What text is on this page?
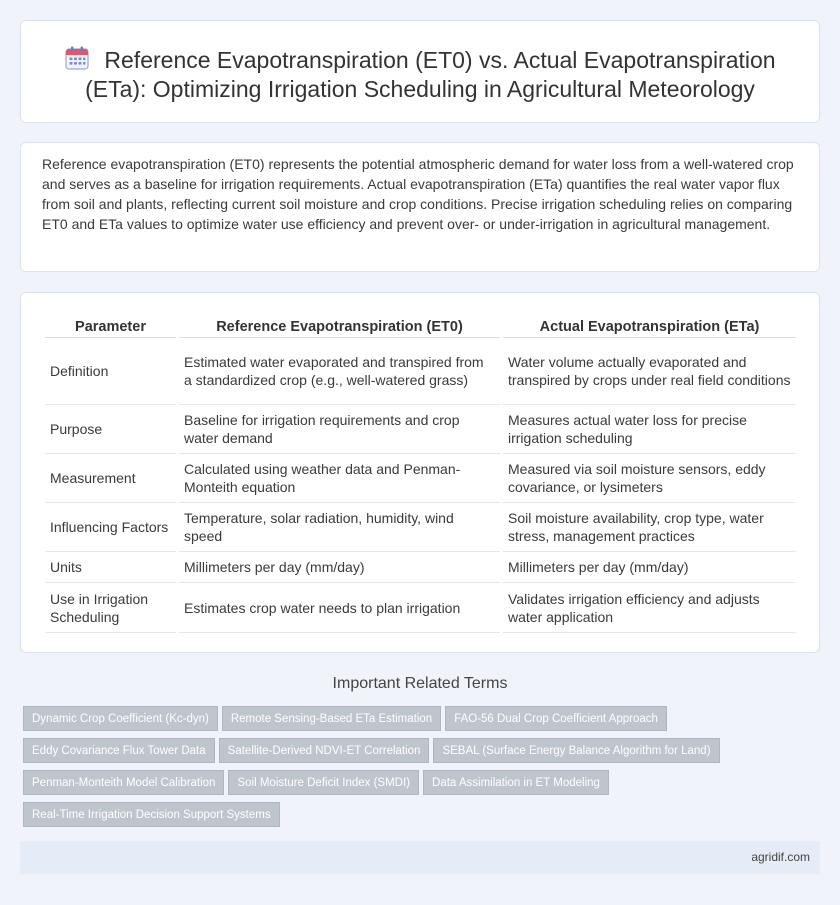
Reference Evapotranspiration (ET0) vs. Actual Evapotranspiration (ETa): Optimizing Irrigation Scheduling in Agricultural Meteorology

Reference evapotranspiration (ET0) represents the potential atmospheric demand for water loss from a well-watered crop and serves as a baseline for irrigation requirements. Actual evapotranspiration (ETa) quantifies the real water vapor flux from soil and plants, reflecting current soil moisture and crop conditions. Precise irrigation scheduling relies on comparing ET0 and ETa values to optimize water use efficiency and prevent over- or under-irrigation in agricultural management.

Parameter	Reference Evapotranspiration (ET0)	Actual Evapotranspiration (ETa)
Definition	Estimated water evaporated and transpired from a standardized crop (e.g., well-watered grass)	Water volume actually evaporated and transpired by crops under real field conditions
Purpose	Baseline for irrigation requirements and crop water demand	Measures actual water loss for precise irrigation scheduling
Measurement	Calculated using weather data and Penman-Monteith equation	Measured via soil moisture sensors, eddy covariance, or lysimeters
Influencing Factors	Temperature, solar radiation, humidity, wind speed	Soil moisture availability, crop type, water stress, management practices
Units	Millimeters per day (mm/day)	Millimeters per day (mm/day)
Use in Irrigation Scheduling	Estimates crop water needs to plan irrigation	Validates irrigation efficiency and adjusts water application
Important Related Terms
Dynamic Crop Coefficient (Kc-dyn) Remote Sensing-Based ETa Estimation FAO-56 Dual Crop Coefficient Approach
Eddy Covariance Flux Tower Data Satellite-Derived NDVI-ET Correlation SEBAL (Surface Energy Balance Algorithm for Land)
Penman-Monteith Model Calibration Soil Moisture Deficit Index (SMDI) Data Assimilation in ET Modeling
Real-Time Irrigation Decision Support Systems
agridif.com
